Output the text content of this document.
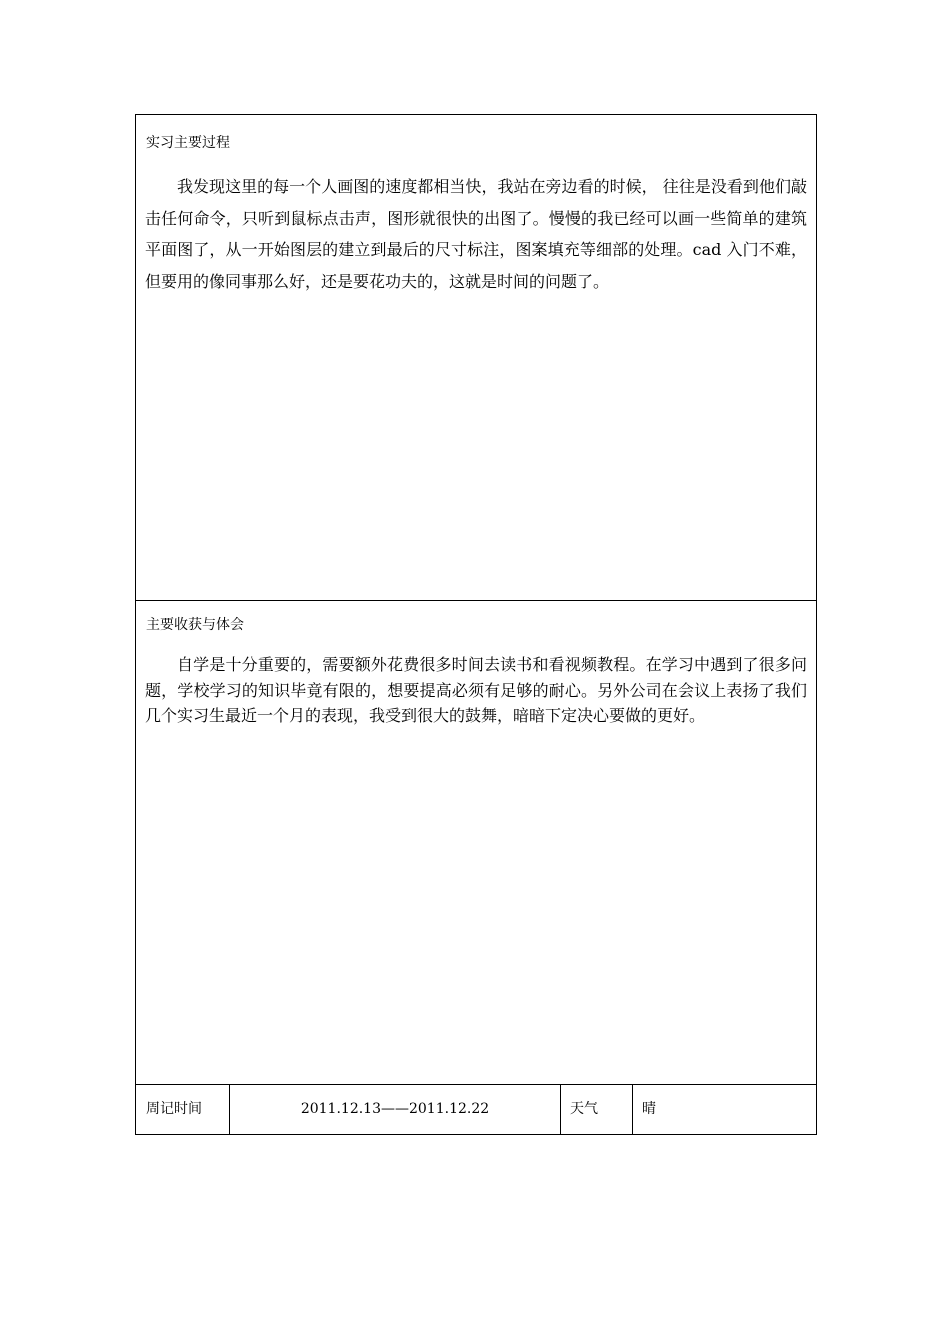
实习主要过程

我发现这里的每一个人画图的速度都相当快，我站在旁边看的时候， 往往是没看到他们敲击任何命令，只听到鼠标点击声，图形就很快的出图了。慢慢的我已经可以画一些简单的建筑平面图了，从一开始图层的建立到最后的尺寸标注，图案填充等细部的处理。cad 入门不难，但要用的像同事那么好，还是要花功夫的，这就是时间的问题了。

主要收获与体会

自学是十分重要的，需要额外花费很多时间去读书和看视频教程。在学习中遇到了很多问题，学校学习的知识毕竟有限的，想要提高必须有足够的耐心。另外公司在会议上表扬了我们几个实习生最近一个月的表现，我受到很大的鼓舞，暗暗下定决心要做的更好。

周记时间	2011.12.13——2011.12.22	天气	晴
